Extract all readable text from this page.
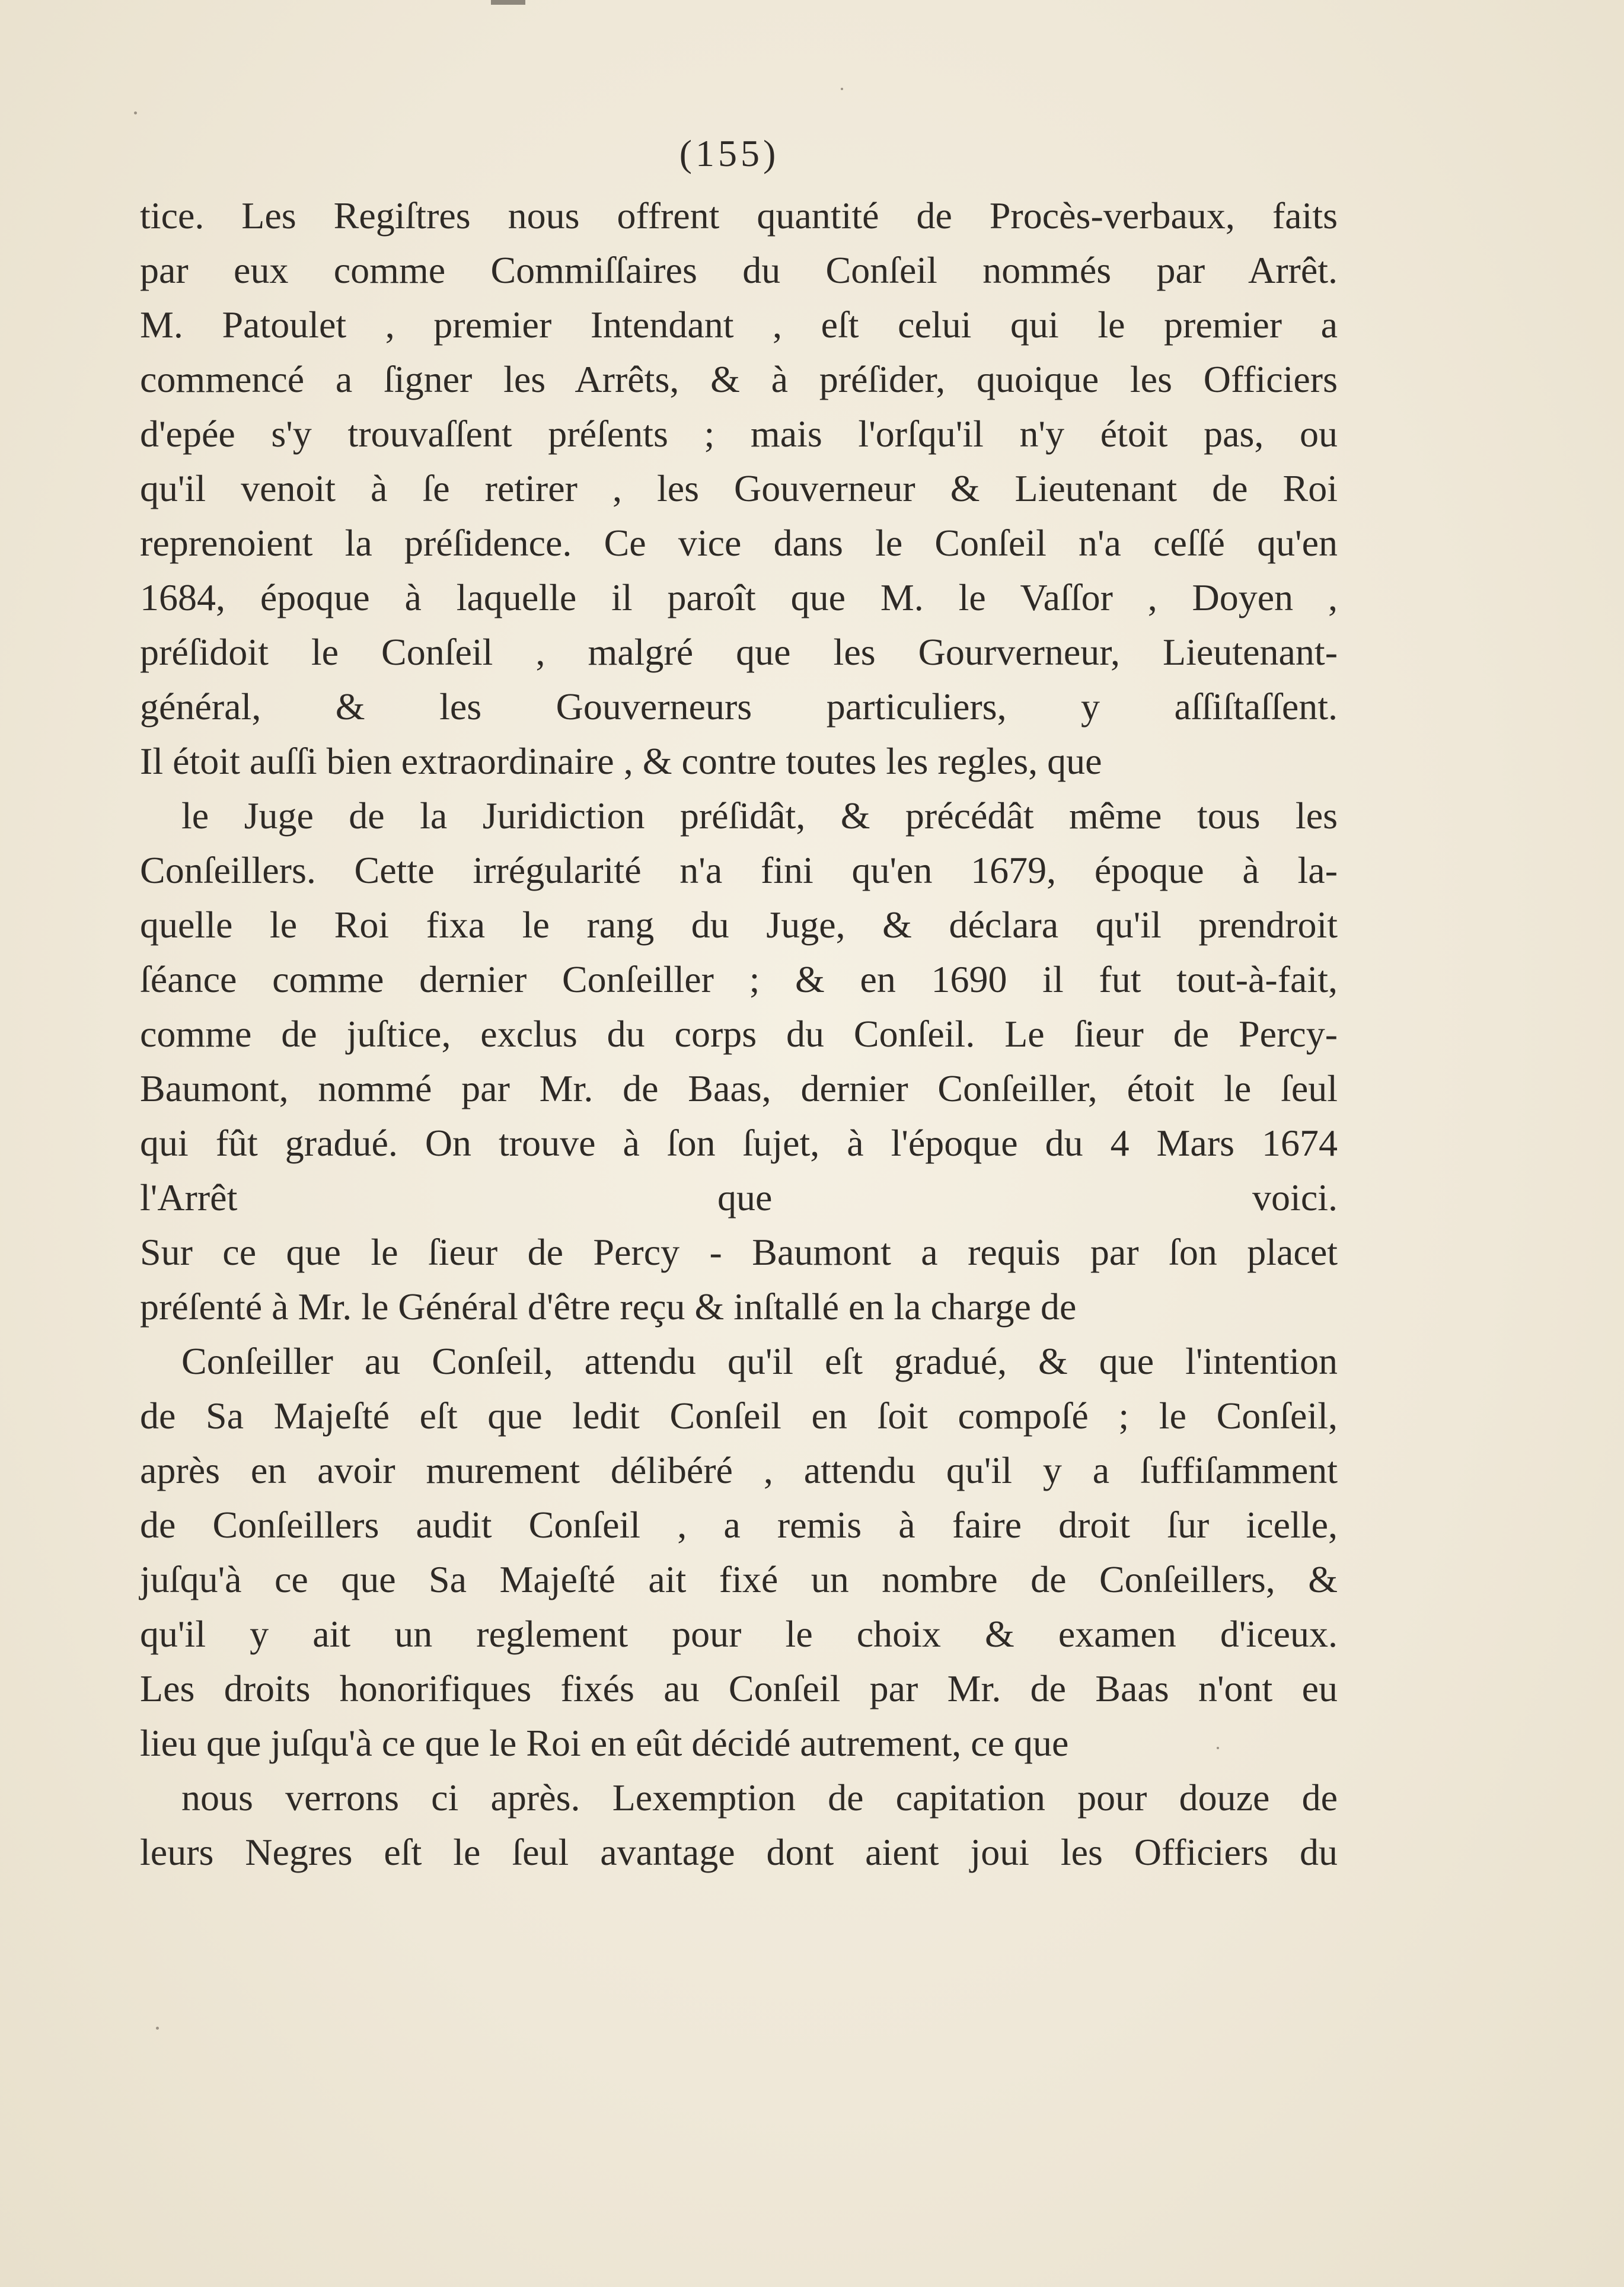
(155)
tice. Les Regiſtres nous offrent quantité de Procès-verbaux, faits
par eux comme Commiſſaires du Conſeil nommés par Arrêt.
M. Patoulet , premier Intendant , eſt celui qui le premier a
commencé a ſigner les Arrêts, & à préſider, quoique les Officiers
d'epée s'y trouvaſſent préſents ; mais l'orſqu'il n'y étoit pas, ou
qu'il venoit à ſe retirer , les Gouverneur & Lieutenant de Roi
reprenoient la préſidence. Ce vice dans le Conſeil n'a ceſſé qu'en
1684, époque à laquelle il paroît que M. le Vaſſor , Doyen ,
préſidoit le Conſeil , malgré que les Gourverneur, Lieutenant-
général, & les Gouverneurs particuliers, y aſſiſtaſſent.
Il étoit auſſi bien extraordinaire , & contre toutes les regles, que
le Juge de la Juridiction préſidât, & précédât même tous les
Conſeillers. Cette irrégularité n'a fini qu'en 1679, époque à la-
quelle le Roi fixa le rang du Juge, & déclara qu'il prendroit
ſéance comme dernier Conſeiller ; & en 1690 il fut tout-à-fait,
comme de juſtice, exclus du corps du Conſeil. Le ſieur de Percy-
Baumont, nommé par Mr. de Baas, dernier Conſeiller, étoit le ſeul
qui fût gradué. On trouve à ſon ſujet, à l'époque du 4 Mars 1674
l'Arrêt que voici.
Sur ce que le ſieur de Percy - Baumont a requis par ſon placet
préſenté à Mr. le Général d'être reçu & inſtallé en la charge de
Conſeiller au Conſeil, attendu qu'il eſt gradué, & que l'intention
de Sa Majeſté eſt que ledit Conſeil en ſoit compoſé ; le Conſeil,
après en avoir murement délibéré , attendu qu'il y a ſuffiſamment
de Conſeillers audit Conſeil , a remis à faire droit ſur icelle,
juſqu'à ce que Sa Majeſté ait fixé un nombre de Conſeillers, &
qu'il y ait un reglement pour le choix & examen d'iceux.
Les droits honorifiques fixés au Conſeil par Mr. de Baas n'ont eu
lieu que juſqu'à ce que le Roi en eût décidé autrement, ce que
nous verrons ci après. Lexemption de capitation pour douze de
leurs Negres eſt le ſeul avantage dont aient joui les Officiers du
